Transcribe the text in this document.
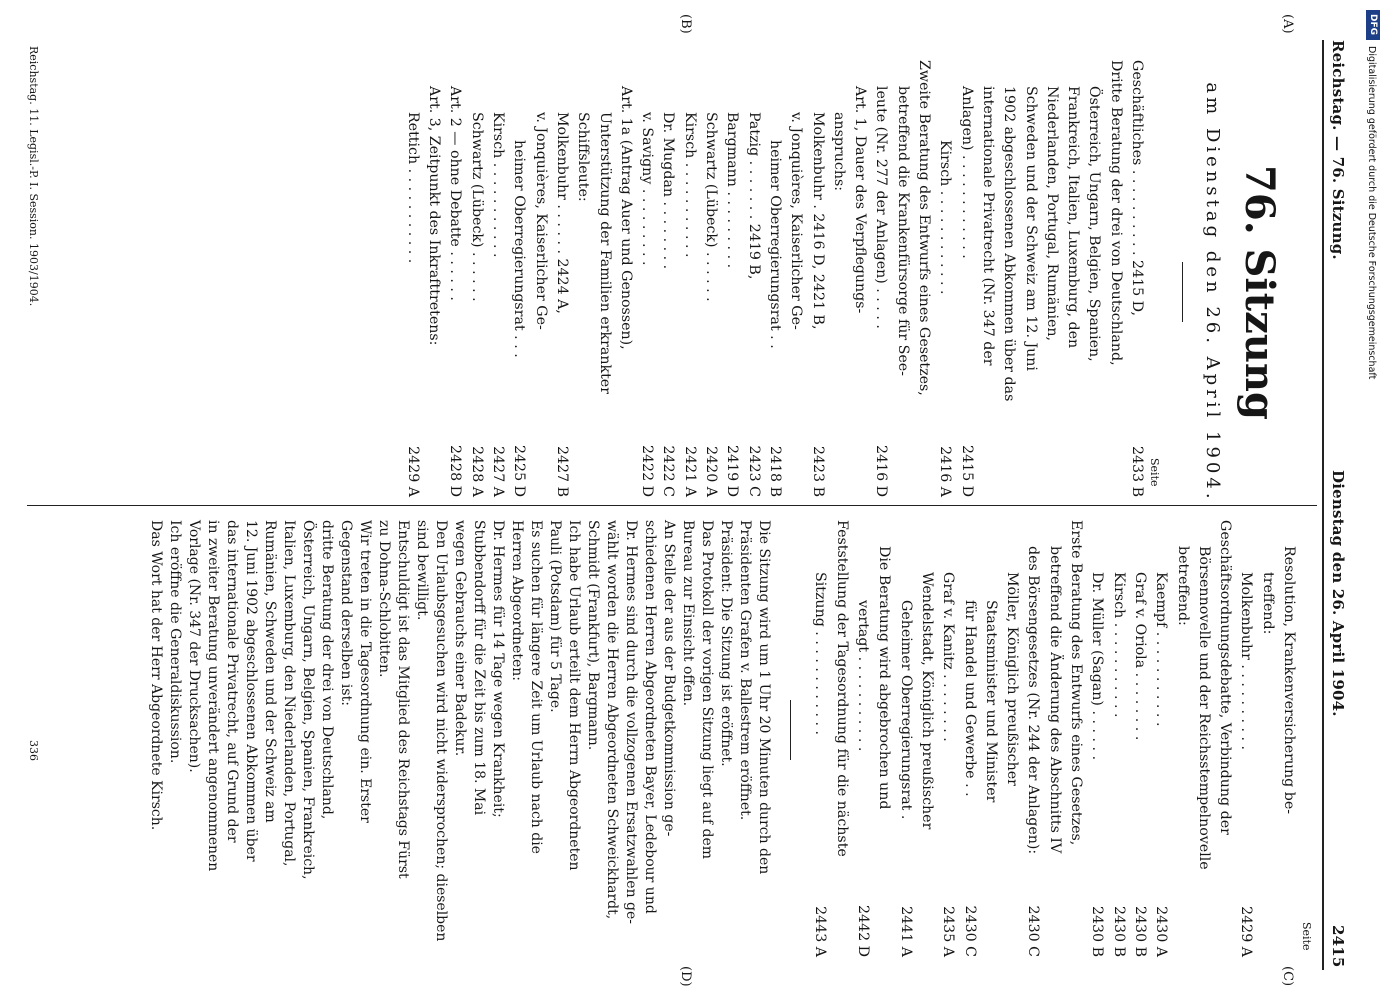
Reichstag. — 76. Sitzung.
Dienstag den 26. April 1904.
2415
(A)
(B)
(C)
(D)
76. Sitzung
am Dienstag den 26. April 1904.
Seite
Geschäftliches . . . . . . . . . . 2415 D,
2433 B
Dritte Beratung der drei von Deutschland,
Österreich, Ungarn, Belgien, Spanien,
Frankreich, Italien, Luxemburg, den
Niederlanden, Portugal, Rumänien,
Schweden und der Schweiz am 12. Juni
1902 abgeschlossenen Abkommen über das
internationale Privatrecht (Nr. 347 der
Anlagen) . . . . . . . . . . . .
2415 D
Kirsch . . . . . . . . . . . .
2416 A
Zweite Beratung des Entwurfs eines Gesetzes,
betreffend die Krankenfürsorge für See-
leute (Nr. 277 der Anlagen) . . . . .
2416 D
Art. 1, Dauer des Verpflegungs-
anspruchs:
Molkenbuhr . 2416 D, 2421 B,
2423 B
v. Jonquières, Kaiserlicher Ge-
heimer Oberregierungsrat . .
2418 B
Patzig . . . . . . . 2419 B,
2423 C
Bargmann . . . . . . . . .
2419 D
Schwartz (Lübeck) . . . . . .
2420 A
Kirsch . . . . . . . . . . .
2421 A
Dr. Mugdan . . . . . . . .
2422 C
v. Savigny . . . . . . . . .
2422 D
Art. 1a (Antrag Auer und Genossen),
Unterstützung der Familien erkrankter
Schiffsleute:
Molkenbuhr . . . . . . 2424 A,
2427 B
v. Jonquières, Kaiserlicher Ge-
heimer Oberregierungsrat . . .
2425 D
Kirsch . . . . . . . . . . .
2427 A
Schwartz (Lübeck) . . . . . .
2428 A
Art. 2 — ohne Debatte . . . . . .
2428 D
Art. 3, Zeitpunkt des Inkrafttretens:
Rettich . . . . . . . . . . .
2429 A
Reichstag. 11. Legisl.-P. I. Session. 1903/1904.
336
Seite
Resolution, Krankenversicherung be-
treffend:
Molkenbuhr . . . . . . . . . .
2429 A
Geschäftsordnungsdebatte, Verbindung der
Börsennovelle und der Reichsstempelnovelle
betreffend:
Kaempf . . . . . . . . . . .
2430 A
Graf v. Oriola . . . . . . . .
2430 B
Kirsch . . . . . . . . . . .
2430 B
Dr. Müller (Sagan) . . . . . .
2430 B
Erste Beratung des Entwurfs eines Gesetzes,
betreffend die Änderung des Abschnitts IV
des Börsengesetzes (Nr. 244 der Anlagen):
2430 C
Möller, Königlich preußischer
Staatsminister und Minister
für Handel und Gewerbe . .
2430 C
Graf v. Kanitz . . . . . . . .
2435 A
Wendelstadt, Königlich preußischer
Geheimer Oberregierungsrat .
2441 A
Die Beratung wird abgebrochen und
vertagt . . . . . . . . . . .
2442 D
Feststellung der Tagesordnung für die nächste
Sitzung . . . . . . . . . . . .
2443 A
Die Sitzung wird um 1 Uhr 20 Minuten durch den
Präsidenten Grafen v. Ballestrem eröffnet.
Präsident: Die Sitzung ist eröffnet.
Das Protokoll der vorigen Sitzung liegt auf dem
Bureau zur Einsicht offen.
An Stelle der aus der Budgetkommission ge-
schiedenen Herren Abgeordneten Bayer, Ledebour und
Dr. Hermes sind durch die vollzogenen Ersatzwahlen ge-
wählt worden die Herren Abgeordneten Schweickhardt,
Schmidt (Frankfurt), Bargmann.
Ich habe Urlaub erteilt dem Herrn Abgeordneten
Pauli (Potsdam) für 5 Tage.
Es suchen für längere Zeit um Urlaub nach die
Herren Abgeordneten:
Dr. Hermes für 14 Tage wegen Krankheit;
Stubbendorff für die Zeit bis zum 18. Mai
wegen Gebrauchs einer Badekur.
Den Urlaubsgesuchen wird nicht widersprochen; dieselben
sind bewilligt.
Entschuldigt ist das Mitglied des Reichstags Fürst
zu Dohna-Schlobitten.
Wir treten in die Tagesordnung ein. Erster
Gegenstand derselben ist:
dritte Beratung der drei von Deutschland,
Österreich, Ungarn, Belgien, Spanien, Frankreich,
Italien, Luxemburg, den Niederlanden, Portugal,
Rumänien, Schweden und der Schweiz am
12. Juni 1902 abgeschlossenen Abkommen über
das internationale Privatrecht, auf Grund der
in zweiter Beratung unverändert angenommenen
Vorlage (Nr. 347 der Drucksachen).
Ich eröffne die Generaldiskussion.
Das Wort hat der Herr Abgeordnete Kirsch.
DFG
Digitalisierung gefördert durch die Deutsche Forschungsgemeinschaft
